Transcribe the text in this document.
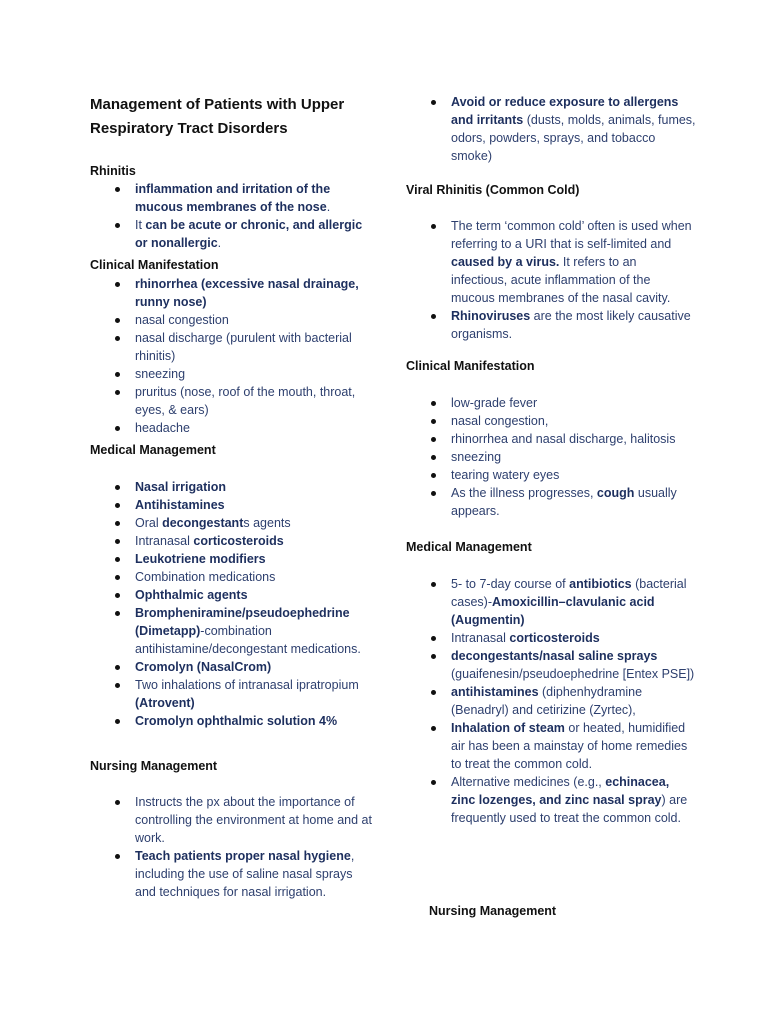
Management of Patients with Upper Respiratory Tract Disorders
Rhinitis
inflammation and irritation of the mucous membranes of the nose.
It can be acute or chronic, and allergic or nonallergic.
Clinical Manifestation
rhinorrhea (excessive nasal drainage, runny nose)
nasal congestion
nasal discharge (purulent with bacterial rhinitis)
sneezing
pruritus (nose, roof of the mouth, throat, eyes, & ears)
headache
Medical Management
Nasal irrigation
Antihistamines
Oral decongestants agents
Intranasal corticosteroids
Leukotriene modifiers
Combination medications
Ophthalmic agents
Brompheniramine/pseudoephedrine (Dimetapp)-combination antihistamine/decongestant medications.
Cromolyn (NasalCrom)
Two inhalations of intranasal ipratropium (Atrovent)
Cromolyn ophthalmic solution 4%
Nursing Management
Instructs the px about the importance of controlling the environment at home and at work.
Teach patients proper nasal hygiene, including the use of saline nasal sprays and techniques for nasal irrigation.
Avoid or reduce exposure to allergens and irritants (dusts, molds, animals, fumes, odors, powders, sprays, and tobacco smoke)
Viral Rhinitis (Common Cold)
The term ‘common cold’ often is used when referring to a URI that is self-limited and caused by a virus. It refers to an infectious, acute inflammation of the mucous membranes of the nasal cavity.
Rhinoviruses are the most likely causative organisms.
Clinical Manifestation
low-grade fever
nasal congestion,
rhinorrhea and nasal discharge, halitosis
sneezing
tearing watery eyes
As the illness progresses, cough usually appears.
Medical Management
5- to 7-day course of antibiotics (bacterial cases)-Amoxicillin–clavulanic acid (Augmentin)
Intranasal corticosteroids
decongestants/nasal saline sprays (guaifenesin/pseudoephedrine [Entex PSE])
antihistamines (diphenhydramine (Benadryl) and cetirizine (Zyrtec),
Inhalation of steam or heated, humidified air has been a mainstay of home remedies to treat the common cold.
Alternative medicines (e.g., echinacea, zinc lozenges, and zinc nasal spray) are frequently used to treat the common cold.
Nursing Management
